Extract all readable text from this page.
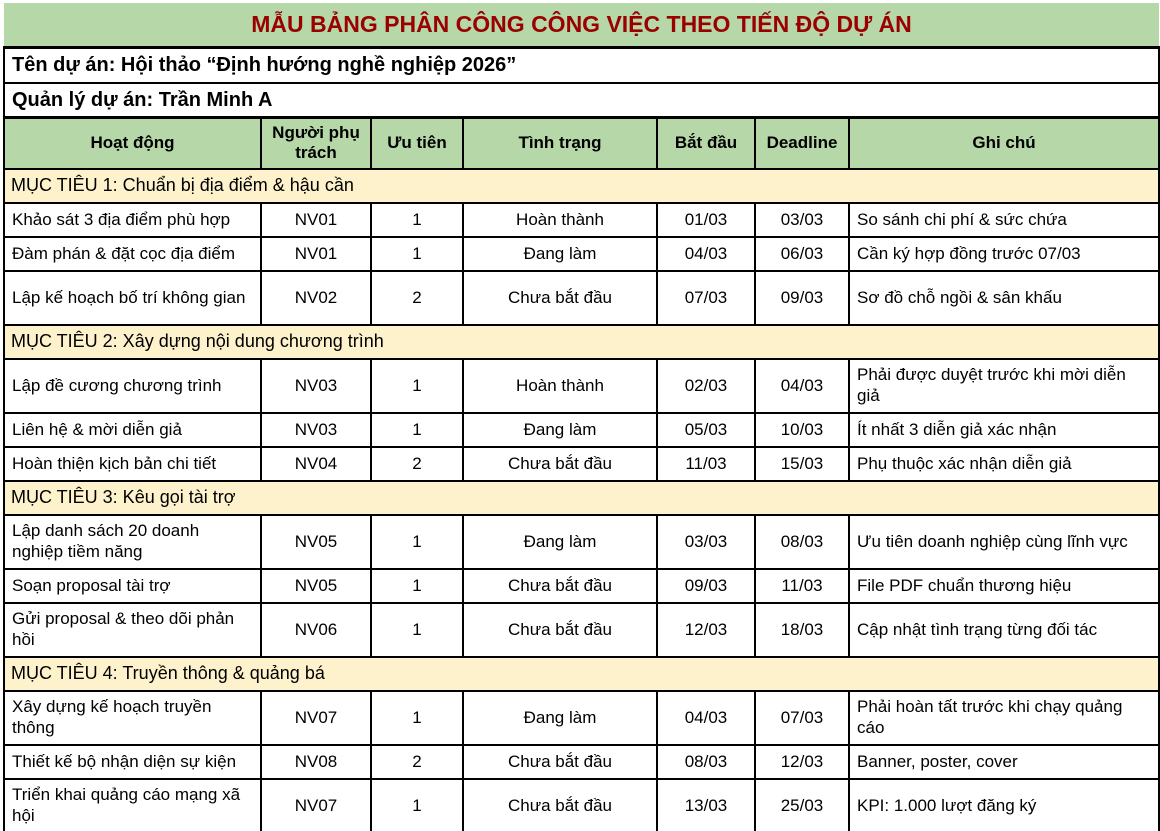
MẪU BẢNG PHÂN CÔNG CÔNG VIỆC THEO TIẾN ĐỘ DỰ ÁN						
Tên dự án: Hội thảo “Định hướng nghề nghiệp 2026”						
Quản lý dự án: Trần Minh A						
Hoạt động	Người phụ trách	Ưu tiên	Tình trạng	Bắt đầu	Deadline	Ghi chú
MỤC TIÊU 1: Chuẩn bị địa điểm & hậu cần						
Khảo sát 3 địa điểm phù hợp	NV01	1	Hoàn thành	01/03	03/03	So sánh chi phí & sức chứa
Đàm phán & đặt cọc địa điểm	NV01	1	Đang làm	04/03	06/03	Cần ký hợp đồng trước 07/03
Lập kế hoạch bố trí không gian	NV02	2	Chưa bắt đầu	07/03	09/03	Sơ đồ chỗ ngồi & sân khấu
MỤC TIÊU 2: Xây dựng nội dung chương trình						
Lập đề cương chương trình	NV03	1	Hoàn thành	02/03	04/03	Phải được duyệt trước khi mời diễn giả
Liên hệ & mời diễn giả	NV03	1	Đang làm	05/03	10/03	Ít nhất 3 diễn giả xác nhận
Hoàn thiện kịch bản chi tiết	NV04	2	Chưa bắt đầu	11/03	15/03	Phụ thuộc xác nhận diễn giả
MỤC TIÊU 3: Kêu gọi tài trợ						
Lập danh sách 20 doanh nghiệp tiềm năng	NV05	1	Đang làm	03/03	08/03	Ưu tiên doanh nghiệp cùng lĩnh vực
Soạn proposal tài trợ	NV05	1	Chưa bắt đầu	09/03	11/03	File PDF chuẩn thương hiệu
Gửi proposal & theo dõi phản hồi	NV06	1	Chưa bắt đầu	12/03	18/03	Cập nhật tình trạng từng đối tác
MỤC TIÊU 4: Truyền thông & quảng bá						
Xây dựng kế hoạch truyền thông	NV07	1	Đang làm	04/03	07/03	Phải hoàn tất trước khi chạy quảng cáo
Thiết kế bộ nhận diện sự kiện	NV08	2	Chưa bắt đầu	08/03	12/03	Banner, poster, cover
Triển khai quảng cáo mạng xã hội	NV07	1	Chưa bắt đầu	13/03	25/03	KPI: 1.000 lượt đăng ký
